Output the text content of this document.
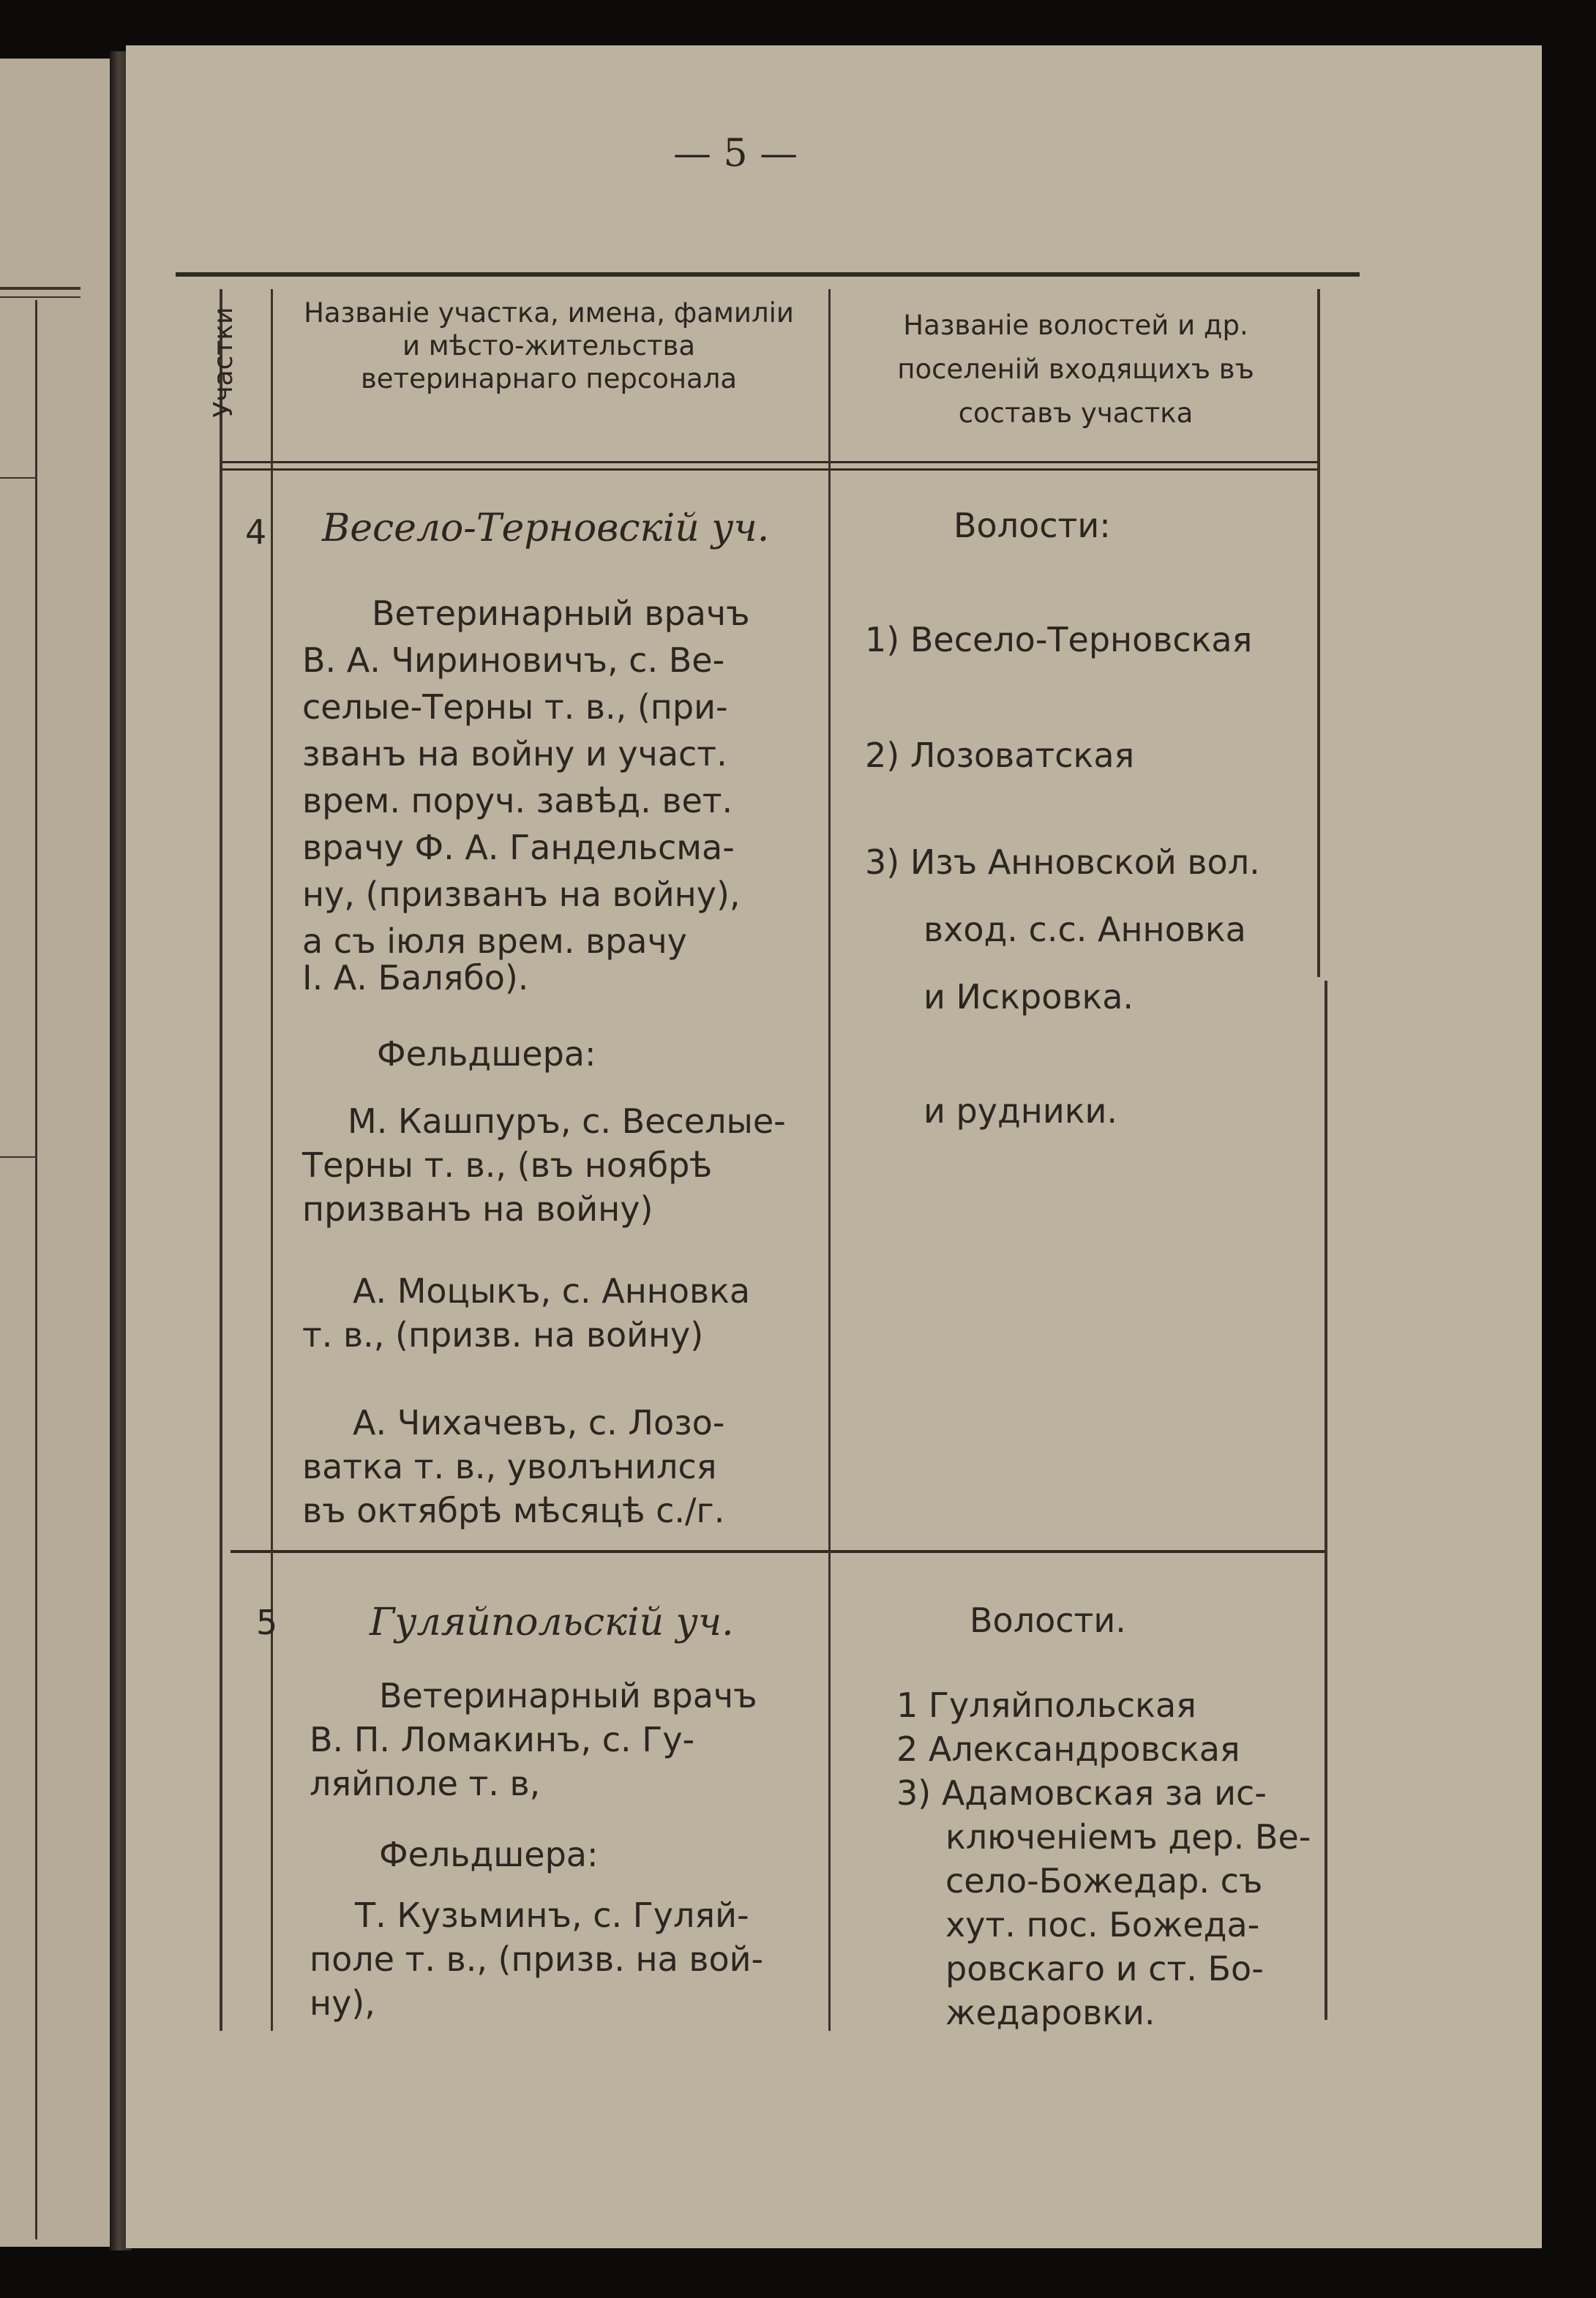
— 5 —
Участки	Названіе участка, имена, фамиліи и мѣсто-жительства ветеринарнаго персонала
Названіе волостей и др. поселеній входящихъ въ составъ участка
4 Весело-Терновскій уч.
Ветеринарный врачъ
В. А. Чириновичъ, с. Ве-
селые-Терны т. в., (при-
званъ на войну и участ.
врем. поруч. завѣд. вет.
врачу Ф. А. Гандельсма-
ну, (призванъ на войну),
а съ іюля врем. врачу
I. А. Балябо).
Фельдшера:
М. Кашпуръ, с. Веселые-
Терны т. в., (въ ноябрѣ
призванъ на войну)
А. Моцыкъ, с. Анновка
т. в., (призв. на войну)
А. Чихачевъ, с. Лозо-
ватка т. в., уволънился
въ октябрѣ мѣсяцѣ с./г.
Волости:
1) Весело-Терновская
2) Лозоватская
3) Изъ Анновской вол.
вход. с.с. Анновка
и Искровка.
и рудники.
5 Гуляйпольскій уч.
Ветеринарный врачъ
В. П. Ломакинъ, с. Гу-
ляйполе т. в,
Фельдшера:
Т. Кузьминъ, с. Гуляй-
поле т. в., (призв. на вой-
ну),
Волости.
1 Гуляйпольская
2 Александровская
3) Адамовская за ис-
ключеніемъ дер. Ве-
село-Божедар. съ
хут. пос. Божеда-
ровскаго и ст. Бо-
жедаровки.
